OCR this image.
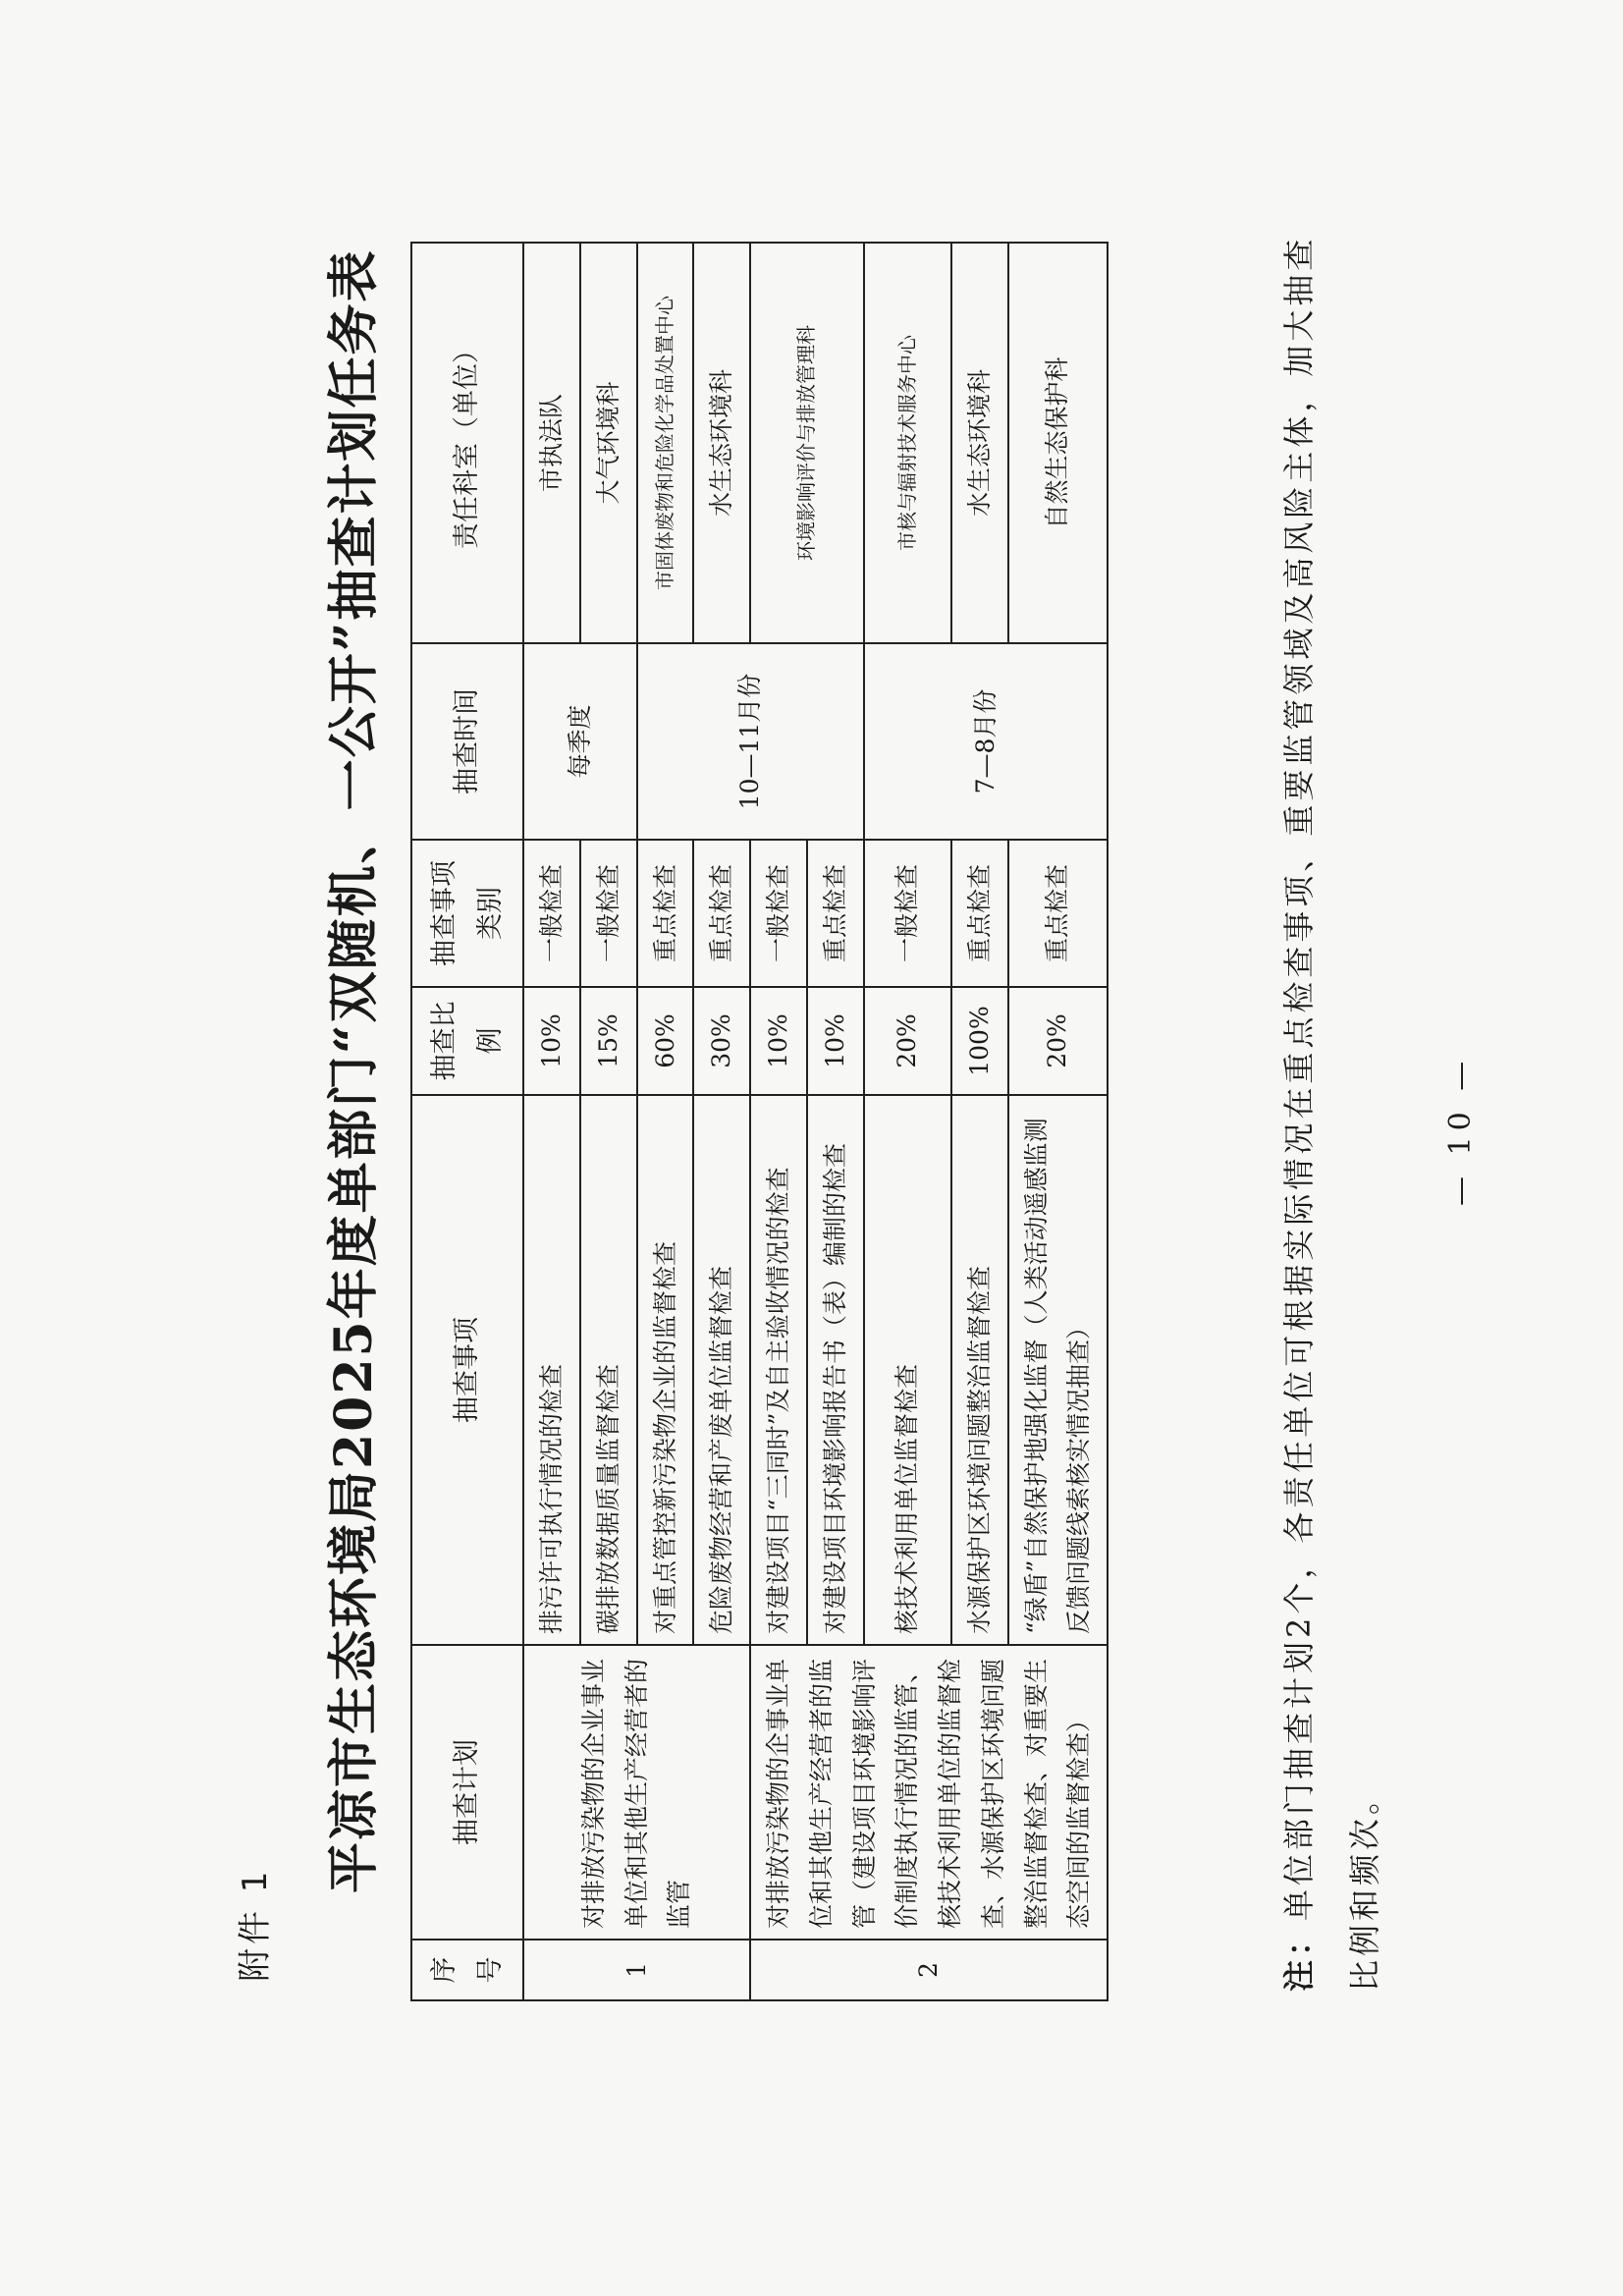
附件 1
平凉市生态环境局2025年度单部门“双随机、一公开”抽查计划任务表
序号	抽查计划	抽查事项	抽查比例	抽查事项类别	抽查时间	责任科室（单位）
1	对排放污染物的企业事业单位和其他生产经营者的监管	排污许可执行情况的检查	10%	一般检查	每季度	市执法队
		碳排放数据质量监督检查	15%	一般检查		大气环境科
		对重点管控新污染物企业的监督检查	60%	重点检查	10—11月份	市固体废物和危险化学品处置中心
		危险废物经营和产废单位监督检查	30%	重点检查		水生态环境科
2	对排放污染物的企事业单位和其他生产经营者的监管（建设项目环境影响评价制度执行情况的监管、核技术利用单位的监督检查、水源保护区环境问题整治监督检查、对重要生态空间的监督检查）	对建设项目“三同时”及自主验收情况的检查	10%	一般检查		环境影响评价与排放管理科
		对建设项目环境影响报告书（表）编制的检查	10%	重点检查		
		核技术利用单位监督检查	20%	一般检查	7—8月份	市核与辐射技术服务中心
		水源保护区环境问题整治监督检查	100%	重点检查		水生态环境科
		“绿盾”自然保护地强化监督（人类活动遥感监测反馈问题线索核实情况抽查）	20%	重点检查		自然生态保护科
注：单位部门抽查计划2个，各责任单位可根据实际情况在重点检查事项、重要监管领域及高风险主体，加大抽查比例和频次。
— 10 —
